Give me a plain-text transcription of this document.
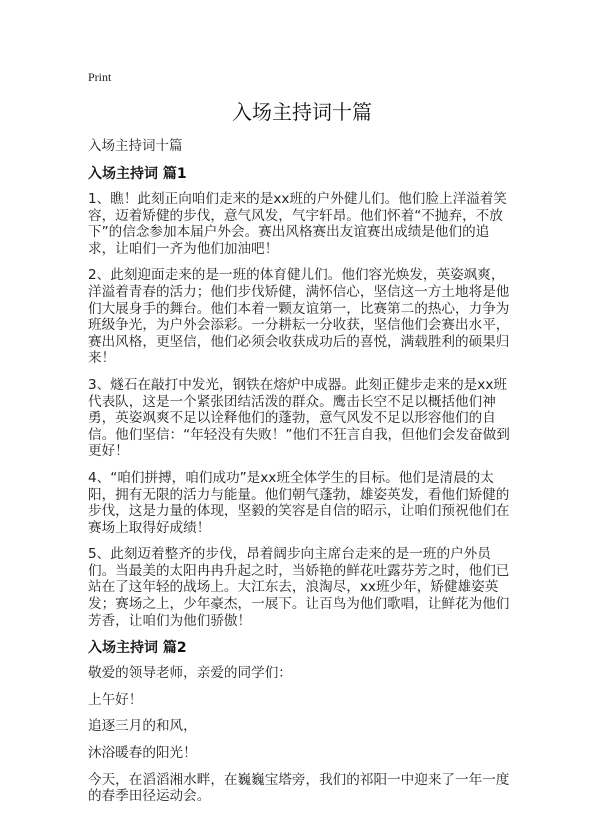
Print
入场主持词十篇
入场主持词十篇
入场主持词 篇1

1、瞧！此刻正向咱们走来的是xx班的户外健儿们。他们脸上洋溢着笑容，迈着矫健的步伐，意气风发，气宇轩昂。他们怀着“不抛弃，不放下”的信念参加本届户外会。赛出风格赛出友谊赛出成绩是他们的追求，让咱们一齐为他们加油吧！

2、此刻迎面走来的是一班的体育健儿们。他们容光焕发，英姿飒爽，洋溢着青春的活力；他们步伐矫健，满怀信心，坚信这一方土地将是他们大展身手的舞台。他们本着一颗友谊第一，比赛第二的热心，力争为班级争光，为户外会添彩。一分耕耘一分收获，坚信他们会赛出水平，赛出风格，更坚信，他们必须会收获成功后的喜悦，满载胜利的硕果归来！

3、燧石在敲打中发光，钢铁在熔炉中成器。此刻正健步走来的是xx班代表队，这是一个紧张团结活泼的群众。鹰击长空不足以概括他们神勇，英姿飒爽不足以诠释他们的蓬勃，意气风发不足以形容他们的自信。他们坚信：“年轻没有失败！”他们不狂言自我，但他们会发奋做到更好！

4、“咱们拼搏，咱们成功”是xx班全体学生的目标。他们是清晨的太阳，拥有无限的活力与能量。他们朝气蓬勃，雄姿英发，看他们矫健的步伐，这是力量的体现，坚毅的笑容是自信的昭示，让咱们预祝他们在赛场上取得好成绩！

5、此刻迈着整齐的步伐，昂着阔步向主席台走来的是一班的户外员们。当最美的太阳冉冉升起之时，当娇艳的鲜花吐露芬芳之时，他们已站在了这年轻的战场上。大江东去，浪淘尽，xx班少年，矫健雄姿英发；赛场之上，少年豪杰，一展下。让百鸟为他们歌唱，让鲜花为他们芳香，让咱们为他们骄傲！

入场主持词 篇2

敬爱的领导老师，亲爱的同学们：

上午好！

追逐三月的和风，

沐浴暖春的阳光！

今天，在滔滔湘水畔，在巍巍宝塔旁，我们的祁阳一中迎来了一年一度的春季田径运动会。
